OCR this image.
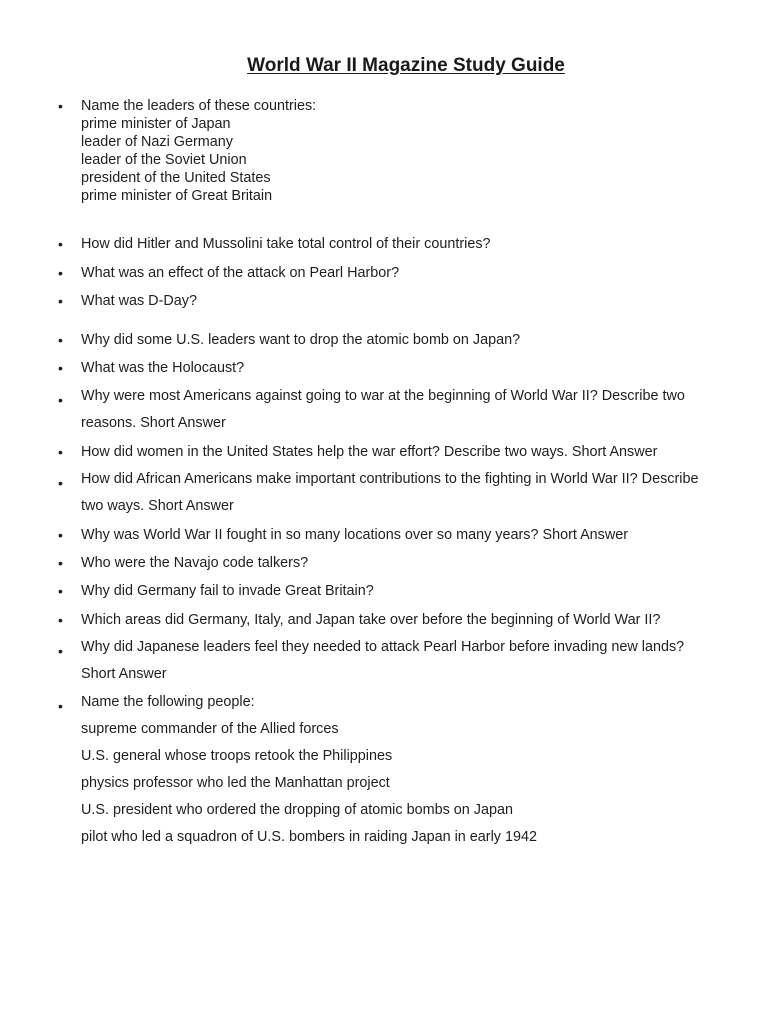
World War II Magazine Study Guide
• Name the leaders of these countries:
prime minister of Japan
leader of Nazi Germany
leader of the Soviet Union
president of the United States
prime minister of Great Britain
• How did Hitler and Mussolini take total control of their countries?
• What was an effect of the attack on Pearl Harbor?
• What was D-Day?
• Why did some U.S. leaders want to drop the atomic bomb on Japan?
• What was the Holocaust?
• Why were most Americans against going to war at the beginning of World War II? Describe two
reasons. Short Answer
• How did women in the United States help the war effort? Describe two ways. Short Answer
• How did African Americans make important contributions to the fighting in World War II? Describe
two ways. Short Answer
• Why was World War II fought in so many locations over so many years? Short Answer
• Who were the Navajo code talkers?
• Why did Germany fail to invade Great Britain?
• Which areas did Germany, Italy, and Japan take over before the beginning of World War II?
• Why did Japanese leaders feel they needed to attack Pearl Harbor before invading new lands?
Short Answer
• Name the following people:
supreme commander of the Allied forces
U.S. general whose troops retook the Philippines
physics professor who led the Manhattan project
U.S. president who ordered the dropping of atomic bombs on Japan
pilot who led a squadron of U.S. bombers in raiding Japan in early 1942
